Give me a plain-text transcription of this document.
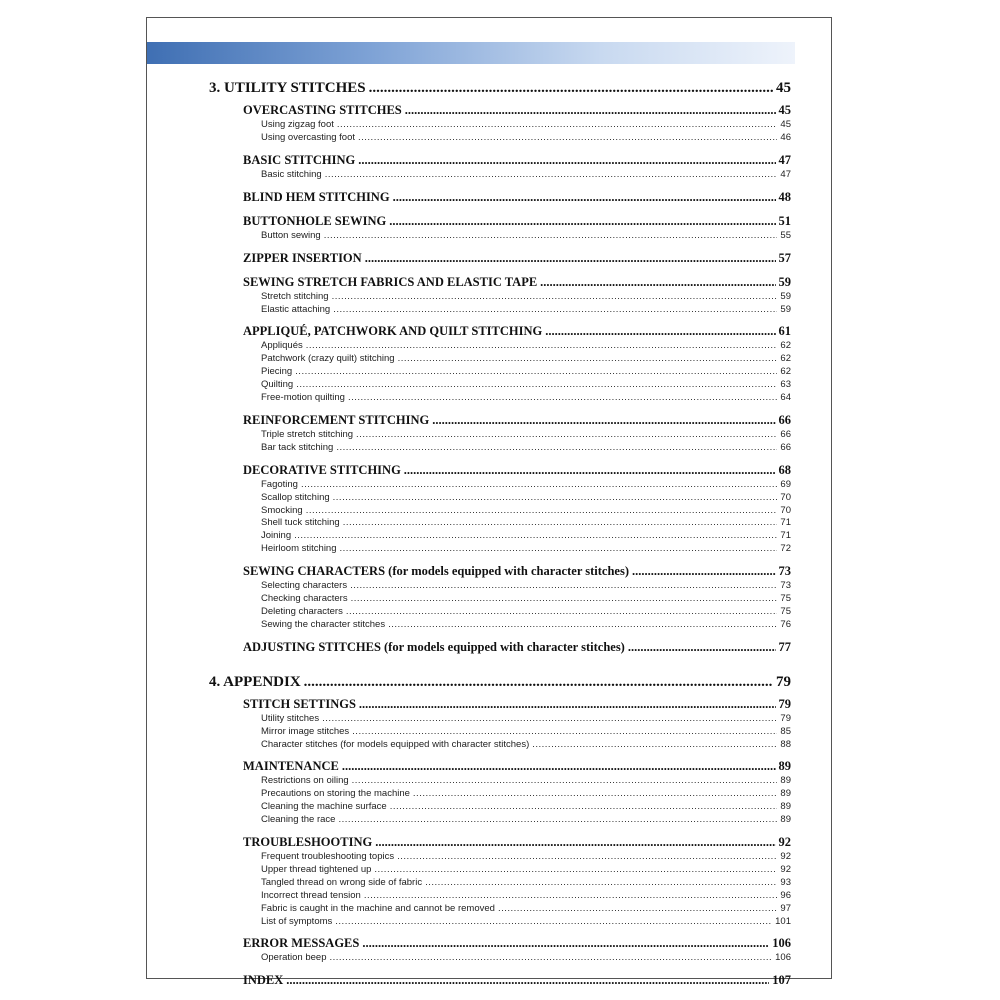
3. UTILITY STITCHES .....	45
OVERCASTING STITCHES .....	45
Using zigzag foot .....	45
Using overcasting foot .....	46
BASIC STITCHING .....	47
Basic stitching .....	47
BLIND HEM STITCHING .....	48
BUTTONHOLE SEWING .....	51
Button sewing .....	55
ZIPPER INSERTION .....	57
SEWING STRETCH FABRICS AND ELASTIC TAPE .....	59
Stretch stitching .....	59
Elastic attaching .....	59
APPLIQUÉ, PATCHWORK AND QUILT STITCHING .....	61
Appliqués .....	62
Patchwork (crazy quilt) stitching .....	62
Piecing .....	62
Quilting .....	63
Free-motion quilting .....	64
REINFORCEMENT STITCHING .....	66
Triple stretch stitching .....	66
Bar tack stitching .....	66
DECORATIVE STITCHING .....	68
Fagoting .....	69
Scallop stitching .....	70
Smocking .....	70
Shell tuck stitching .....	71
Joining .....	71
Heirloom stitching .....	72
SEWING CHARACTERS (for models equipped with character stitches) .....	73
Selecting characters .....	73
Checking characters .....	75
Deleting characters .....	75
Sewing the character stitches .....	76
ADJUSTING STITCHES (for models equipped with character stitches) .....	77
4. APPENDIX .....	79
STITCH SETTINGS .....	79
Utility stitches .....	79
Mirror image stitches .....	85
Character stitches (for models equipped with character stitches) .....	88
MAINTENANCE .....	89
Restrictions on oiling .....	89
Precautions on storing the machine .....	89
Cleaning the machine surface .....	89
Cleaning the race .....	89
TROUBLESHOOTING .....	92
Frequent troubleshooting topics .....	92
Upper thread tightened up .....	92
Tangled thread on wrong side of fabric .....	93
Incorrect thread tension .....	96
Fabric is caught in the machine and cannot be removed .....	97
List of symptoms .....	101
ERROR MESSAGES .....	106
Operation beep .....	106
INDEX .....	107
